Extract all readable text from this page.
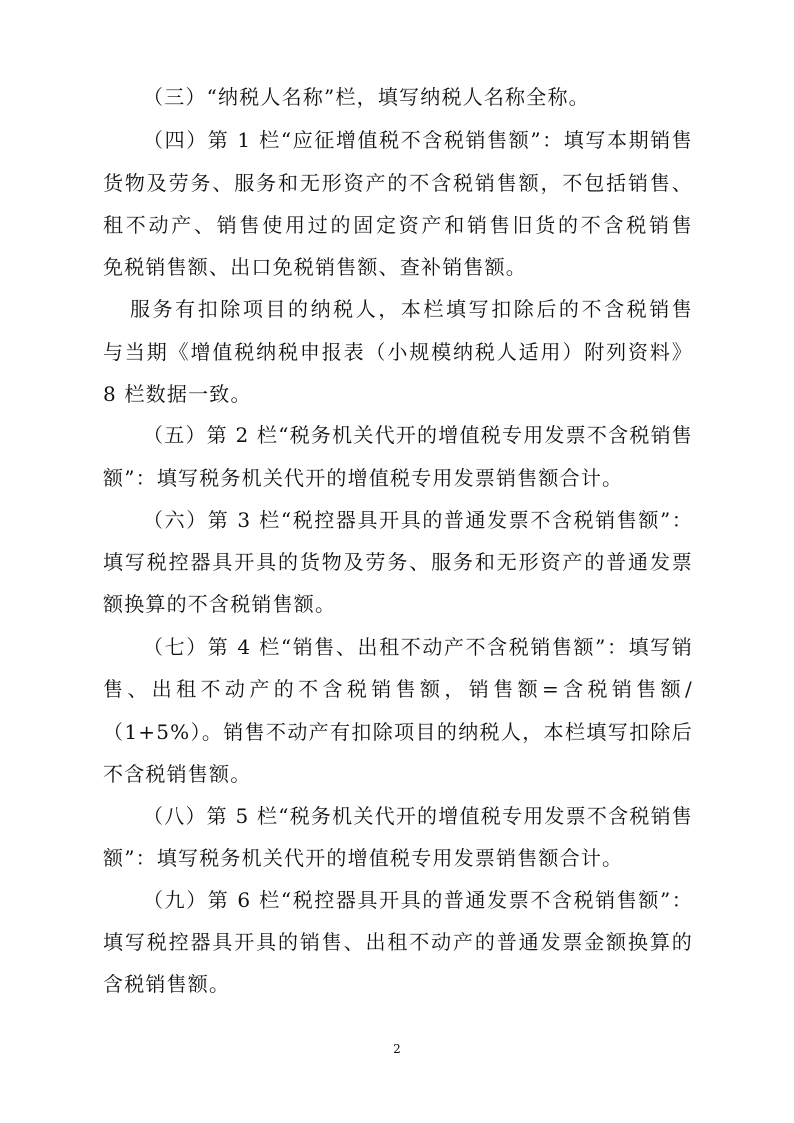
（三）“纳税人名称”栏，填写纳税人名称全称。
（四）第 1 栏“应征增值税不含税销售额”：填写本期销售
货物及劳务、服务和无形资产的不含税销售额，不包括销售、
租不动产、销售使用过的固定资产和销售旧货的不含税销售
免税销售额、出口免税销售额、查补销售额。
服务有扣除项目的纳税人，本栏填写扣除后的不含税销售
与当期《增值税纳税申报表（小规模纳税人适用）附列资料》
8 栏数据一致。
（五）第 2 栏“税务机关代开的增值税专用发票不含税销售
额”：填写税务机关代开的增值税专用发票销售额合计。
（六）第 3 栏“税控器具开具的普通发票不含税销售额”：
填写税控器具开具的货物及劳务、服务和无形资产的普通发票
额换算的不含税销售额。
（七）第 4 栏“销售、出租不动产不含税销售额”：填写销
售、出租不动产的不含税销售额，销售额=含税销售额/
（1+5%）。销售不动产有扣除项目的纳税人，本栏填写扣除后
不含税销售额。
（八）第 5 栏“税务机关代开的增值税专用发票不含税销售
额”：填写税务机关代开的增值税专用发票销售额合计。
（九）第 6 栏“税控器具开具的普通发票不含税销售额”：
填写税控器具开具的销售、出租不动产的普通发票金额换算的
含税销售额。
2
